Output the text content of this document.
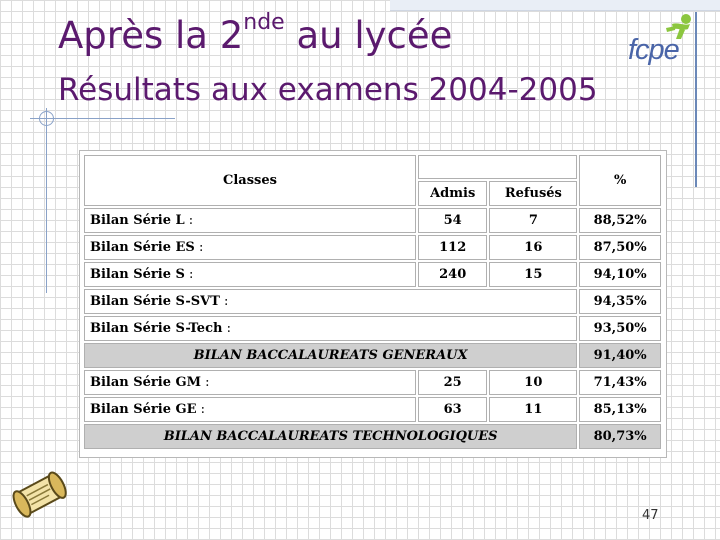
Après la 2nde au lycée
Résultats aux examens 2004-2005
fcpe
Classes			%
	Admis	Refusés	
Bilan Série L :	54	7	88,52%
Bilan Série ES :	112	16	87,50%
Bilan Série S :	240	15	94,10%
Bilan Série S-SVT :			94,35%
Bilan Série S-Tech :			93,50%
BILAN BACCALAUREATS GENERAUX			91,40%
Bilan Série GM :	25	10	71,43%
Bilan Série GE :	63	11	85,13%
BILAN BACCALAUREATS TECHNOLOGIQUES			80,73%
47
